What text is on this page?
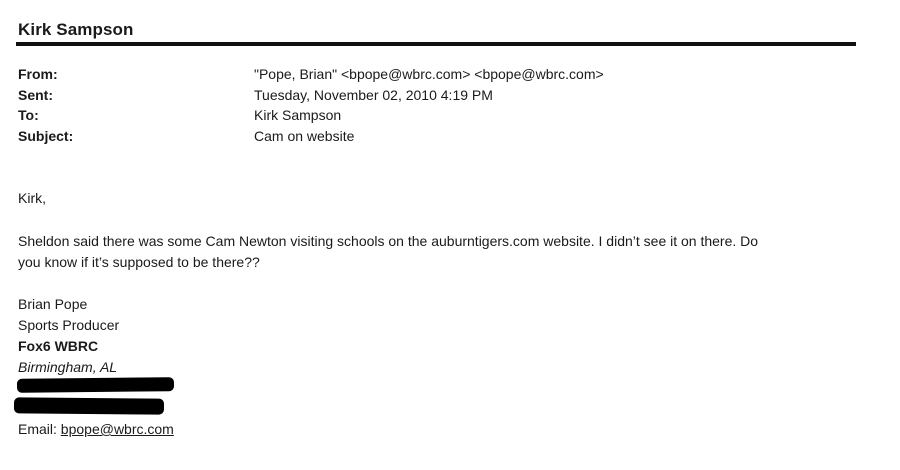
Kirk Sampson
From:	"Pope, Brian" <bpope@wbrc.com> <bpope@wbrc.com>
Sent:	Tuesday, November 02, 2010 4:19 PM
To:	Kirk Sampson
Subject:	Cam on website
Kirk,
Sheldon said there was some Cam Newton visiting schools on the auburntigers.com website. I didn’t see it on there. Do
you know if it’s supposed to be there??
Brian Pope
Sports Producer
Fox6 WBRC
Birmingham, AL
Email: bpope@wbrc.com
